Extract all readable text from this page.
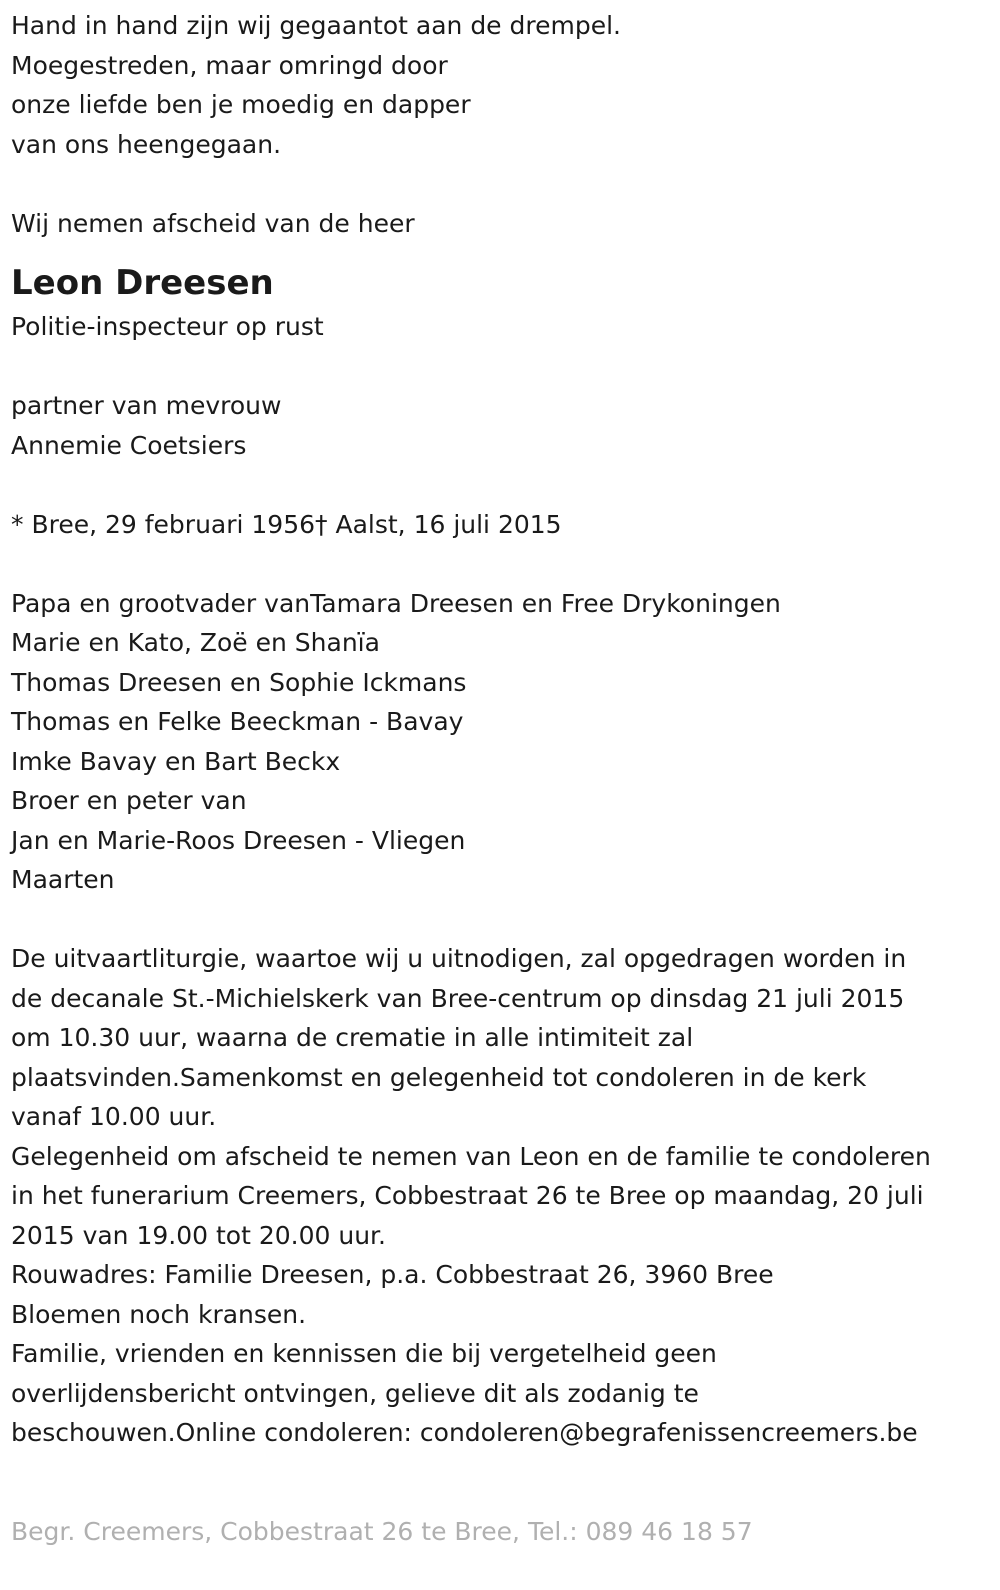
Hand in hand zijn wij gegaantot aan de drempel.
Moegestreden, maar omringd door
onze liefde ben je moedig en dapper
van ons heengegaan.
Wij nemen afscheid van de heer
Leon Dreesen
Politie-inspecteur op rust
partner van mevrouw
Annemie Coetsiers
* Bree, 29 februari 1956† Aalst, 16 juli 2015
Papa en grootvader vanTamara Dreesen en Free Drykoningen
Marie en Kato, Zoë en Shanïa
Thomas Dreesen en Sophie Ickmans
Thomas en Felke Beeckman - Bavay
Imke Bavay en Bart Beckx
Broer en peter van
Jan en Marie-Roos Dreesen - Vliegen
Maarten
De uitvaartliturgie, waartoe wij u uitnodigen, zal opgedragen worden in
de decanale St.-Michielskerk van Bree-centrum op dinsdag 21 juli 2015
om 10.30 uur, waarna de crematie in alle intimiteit zal
plaatsvinden.Samenkomst en gelegenheid tot condoleren in de kerk
vanaf 10.00 uur.
Gelegenheid om afscheid te nemen van Leon en de familie te condoleren
in het funerarium Creemers, Cobbestraat 26 te Bree op maandag, 20 juli
2015 van 19.00 tot 20.00 uur.
Rouwadres: Familie Dreesen, p.a. Cobbestraat 26, 3960 Bree
Bloemen noch kransen.
Familie, vrienden en kennissen die bij vergetelheid geen
overlijdensbericht ontvingen, gelieve dit als zodanig te
beschouwen.Online condoleren: condoleren@begrafenissencreemers.be
Begr. Creemers, Cobbestraat 26 te Bree, Tel.: 089 46 18 57
